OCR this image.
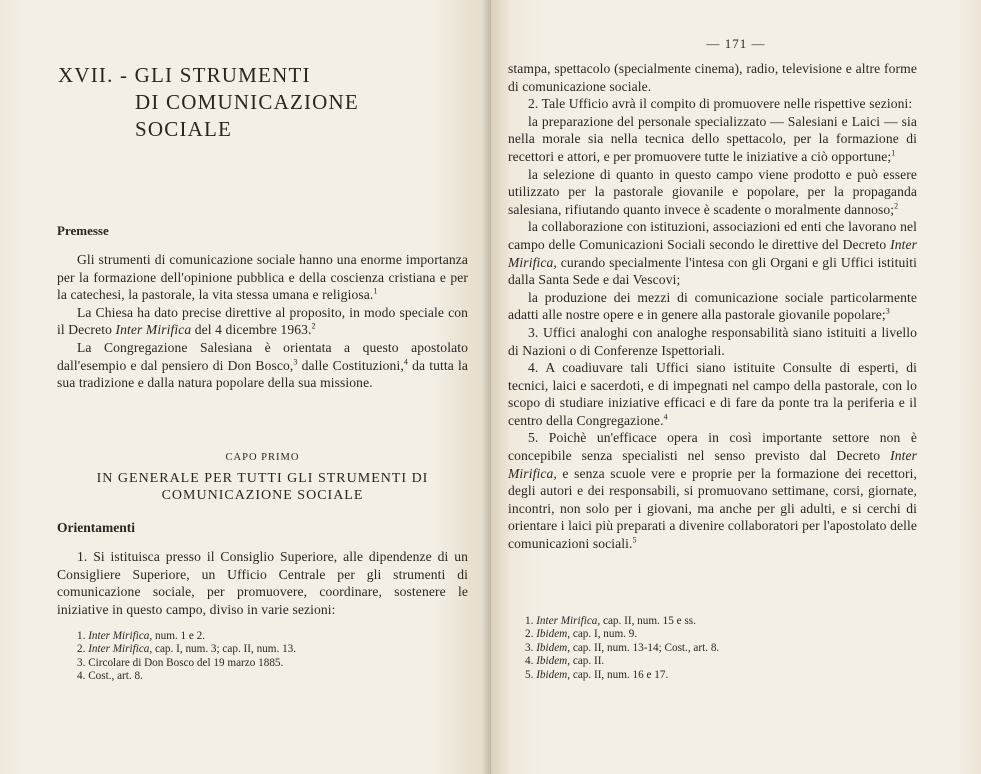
XVII. - GLI STRUMENTI
DI COMUNICAZIONE SOCIALE
Premesse

Gli strumenti di comunicazione sociale hanno una enorme importanza per la formazione dell'opinione pubblica e della coscienza cristiana e per la catechesi, la pastorale, la vita stessa umana e religiosa.$^1$

La Chiesa ha dato precise direttive al proposito, in modo speciale con il Decreto Inter Mirifica del 4 dicembre 1963.$^2$

La Congregazione Salesiana è orientata a questo apostolato dall'esempio e dal pensiero di Don Bosco,$^3$ dalle Costituzioni,$^4$ da tutta la sua tradizione e dalla natura popolare della sua missione.

CAPO PRIMO
IN GENERALE PER TUTTI GLI STRUMENTI DI
COMUNICAZIONE SOCIALE
Orientamenti

1. Si istituisca presso il Consiglio Superiore, alle dipendenze di un Consigliere Superiore, un Ufficio Centrale per gli strumenti di comunicazione sociale, per promuovere, coordinare, sostenere le iniziative in questo campo, diviso in varie sezioni:

1. Inter Mirifica, num. 1 e 2.
2. Inter Mirifica, cap. I, num. 3; cap. II, num. 13.
3. Circolare di Don Bosco del 19 marzo 1885.
4. Cost., art. 8.
— 171 —

stampa, spettacolo (specialmente cinema), radio, televisione e altre forme di comunicazione sociale.

2. Tale Ufficio avrà il compito di promuovere nelle rispettive sezioni:

la preparazione del personale specializzato — Salesiani e Laici — sia nella morale sia nella tecnica dello spettacolo, per la formazione di recettori e attori, e per promuovere tutte le iniziative a ciò opportune;$^1$

la selezione di quanto in questo campo viene prodotto e può essere utilizzato per la pastorale giovanile e popolare, per la propaganda salesiana, rifiutando quanto invece è scadente o moralmente dannoso;$^2$

la collaborazione con istituzioni, associazioni ed enti che lavorano nel campo delle Comunicazioni Sociali secondo le direttive del Decreto Inter Mirifica, curando specialmente l'intesa con gli Organi e gli Uffici istituiti dalla Santa Sede e dai Vescovi;

la produzione dei mezzi di comunicazione sociale particolarmente adatti alle nostre opere e in genere alla pastorale giovanile popolare;$^3$

3. Uffici analoghi con analoghe responsabilità siano istituiti a livello di Nazioni o di Conferenze Ispettoriali.

4. A coadiuvare tali Uffici siano istituite Consulte di esperti, di tecnici, laici e sacerdoti, e di impegnati nel campo della pastorale, con lo scopo di studiare iniziative efficaci e di fare da ponte tra la periferia e il centro della Congregazione.$^4$

5. Poichè un'efficace opera in così importante settore non è concepibile senza specialisti nel senso previsto dal Decreto Inter Mirifica, e senza scuole vere e proprie per la formazione dei recettori, degli autori e dei responsabili, si promuovano settimane, corsi, giornate, incontri, non solo per i giovani, ma anche per gli adulti, e si cerchi di orientare i laici più preparati a divenire collaboratori per l'apostolato delle comunicazioni sociali.$^5$

1. Inter Mirifica, cap. II, num. 15 e ss.
2. Ibidem, cap. I, num. 9.
3. Ibidem, cap. II, num. 13-14; Cost., art. 8.
4. Ibidem, cap. II.
5. Ibidem, cap. II, num. 16 e 17.
